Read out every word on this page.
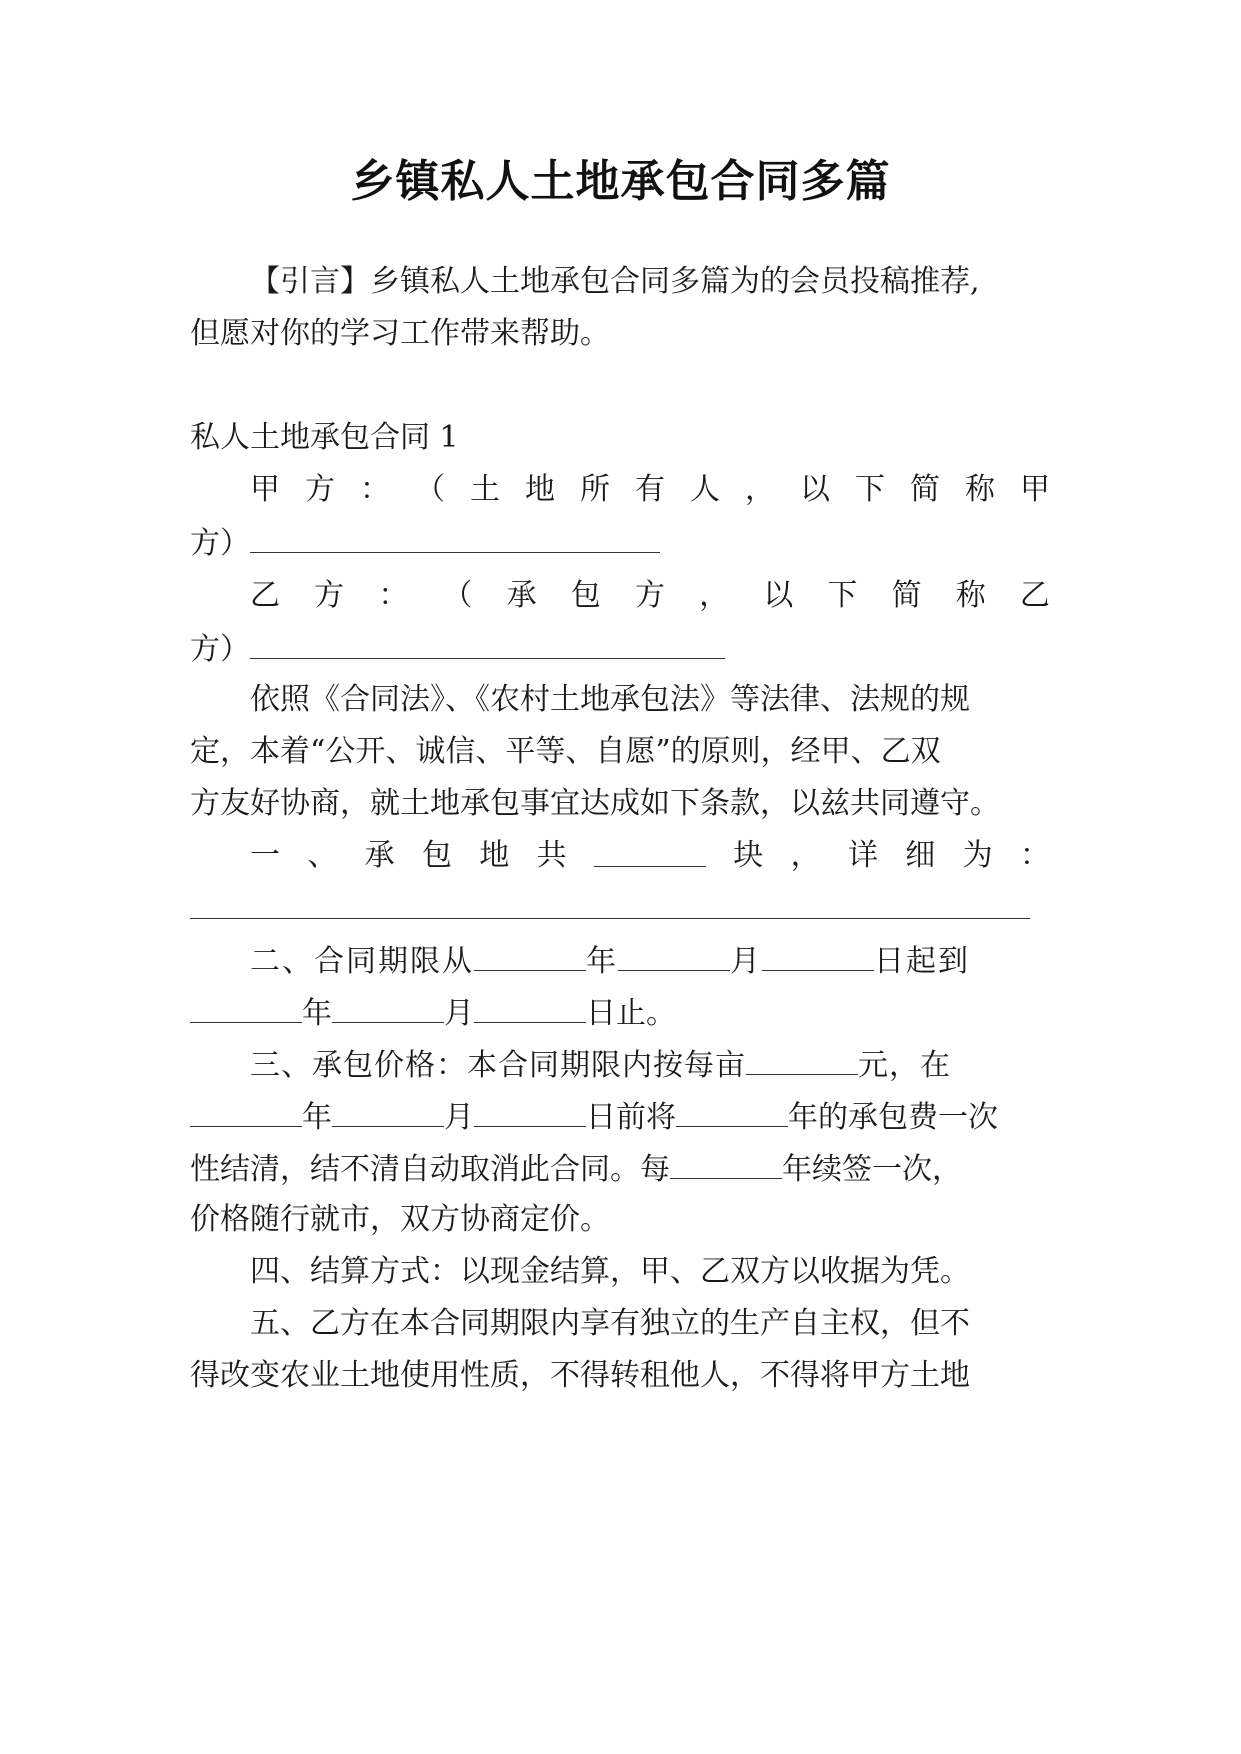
乡镇私人土地承包合同多篇
【引言】乡镇私人土地承包合同多篇为的会员投稿推荐,
但愿对你的学习工作带来帮助。
私人土地承包合同 1
甲 方 ： （ 土 地 所 有 人 ， 以 下 简 称 甲
方）
乙 方 ： （ 承 包 方 ， 以 下 简 称 乙
方）
依照《合同法》、《农村土地承包法》等法律、法规的规
定，本着“公开、诚信、平等、自愿”的原则，经甲、乙双
方友好协商，就土地承包事宜达成如下条款，以兹共同遵守。
一 、 承 包 地 共	块 ， 详 细 为 ：
二、合同期限从	年	月	日起到
年	月	日止。
三、承包价格：本合同期限内按每亩	元，在
年	月	日前将	年的承包费一次
性结清，结不清自动取消此合同。每	年续签一次，
价格随行就市，双方协商定价。
四、结算方式：以现金结算，甲、乙双方以收据为凭。
五、乙方在本合同期限内享有独立的生产自主权，但不
得改变农业土地使用性质，不得转租他人，不得将甲方土地
